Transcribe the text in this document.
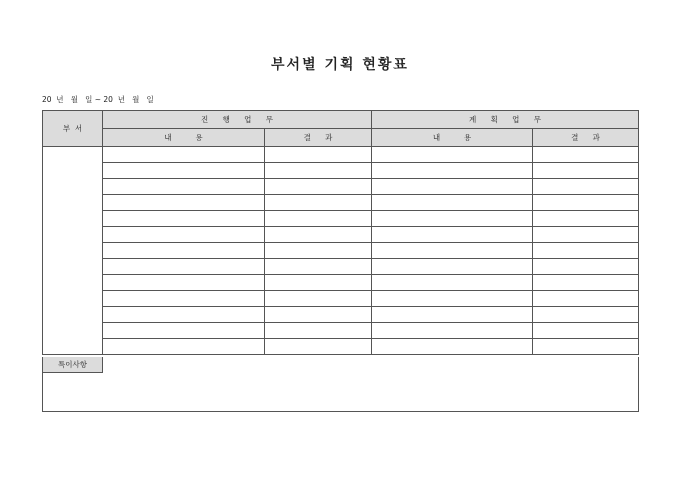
부서별 기획 현황표
20  년   월   일 ~ 20  년   월   일
부  서	진      행      업      무		계      획      업      무	
	내          용	결      과	내          용	결      과

특이사항
